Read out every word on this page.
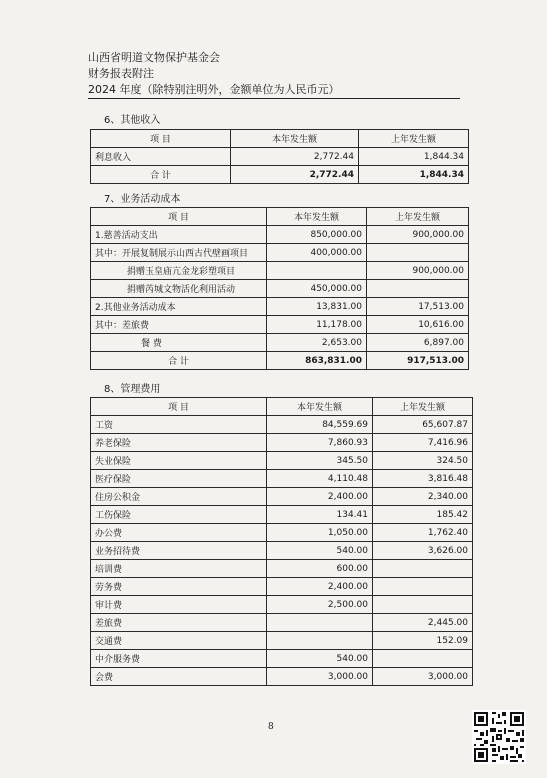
山西省明道文物保护基金会
财务报表附注
2024 年度（除特别注明外，金额单位为人民币元）
6、其他收入
项 目	本年发生额	上年发生额
利息收入	2,772.44	1,844.34
合 计	2,772.44	1,844.34
7、业务活动成本
项 目	本年发生额	上年发生额
1.慈善活动支出	850,000.00	900,000.00
其中：开展复制展示山西古代壁画项目	400,000.00	
捐赠玉皇庙亢金龙彩塑项目		900,000.00
捐赠芮城文物活化利用活动	450,000.00	
2.其他业务活动成本	13,831.00	17,513.00
其中：差旅费	11,178.00	10,616.00
餐 费	2,653.00	6,897.00
合 计	863,831.00	917,513.00
8、管理费用
项 目	本年发生额	上年发生额
工资	84,559.69	65,607.87
养老保险	7,860.93	7,416.96
失业保险	345.50	324.50
医疗保险	4,110.48	3,816.48
住房公积金	2,400.00	2,340.00
工伤保险	134.41	185.42
办公费	1,050.00	1,762.40
业务招待费	540.00	3,626.00
培训费	600.00	
劳务费	2,400.00	
审计费	2,500.00	
差旅费		2,445.00
交通费		152.09
中介服务费	540.00	
会费	3,000.00	3,000.00
8
